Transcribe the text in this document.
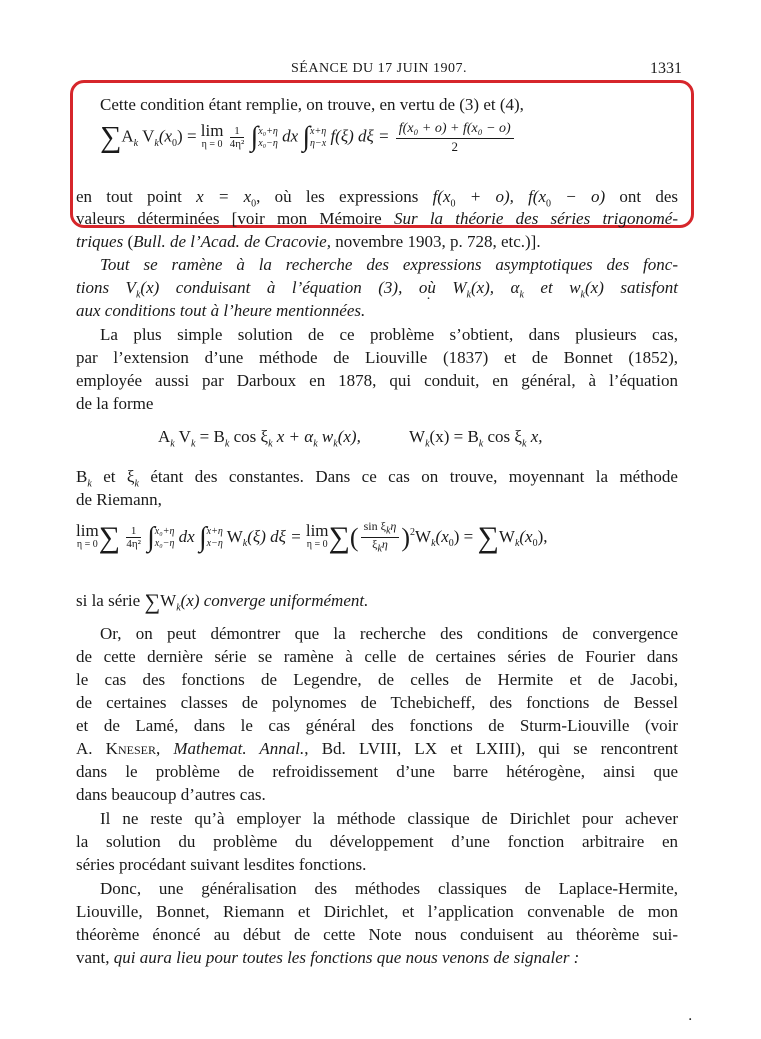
SÉANCE DU 17 JUIN 1907.	1331
Cette condition étant remplie, on trouve, en vertu de (3) et (4),
$\sum A_k$ $V_k(x_0) = \lim$
η = 0
$\frac{1}{\text{4η²}}$ ∫ x₀+η
x₀−η dx ∫ x+η
η−x f(ξ) $d\xi = \frac{\text{f(x₀ + o) + f(x₀ − o)}}{2}$
en tout point $x = x_0$, où les expressions $f(x_0 + o)$, $f(x_0 - o)$ ont des
valeurs déterminées [voir mon Mémoire Sur la théorie des séries trigonomé-
triques (Bull. de l’Acad. de Cracovie, novembre 1903, p. 728, etc.)].
Tout se ramène à la recherche des expressions asymptotiques des fonc-
tions $V_k(x)$ conduisant à l’équation (3), où $W_k(x)$, $\alpha_k$ et $w_k(x)$ satisfont
aux conditions tout à l’heure mentionnées.
La plus simple solution de ce problème s’obtient, dans plusieurs cas,
par l’extension d’une méthode de Liouville (1837) et de Bonnet (1852),
employée aussi par Darboux en 1878, qui conduit, en général, à l’équation
de la forme
$A_k$ $V_k = B_k$ $\cos \xi_k$ $x + \alpha_k$ $w_k(x)$,	$W_k(x) = B_k$ $\cos \xi_k$ x,
$B_k$ et $\xi_k$ étant des constantes. Dans ce cas on trouve, moyennant la méthode
de Riemann,
lim
η = 0 ∑ $\frac{1}{\text{4η²}}$ ∫ x₀+η
x₀−η dx ∫ x+η
x−η $W_k(\xi) d\xi = \lim$
η = 0 ∑( $\frac{\sin \xi_k\eta}{\xi_k\eta} )^2W_k(x_0) = \sum W_k(x_0)$,
si la série $\sum W_k(x)$ converge uniformément.
Or, on peut démontrer que la recherche des conditions de convergence
de cette dernière série se ramène à celle de certaines séries de Fourier dans
le cas des fonctions de Legendre, de celles de Hermite et de Jacobi,
de certaines classes de polynomes de Tchebicheff, des fonctions de Bessel
et de Lamé, dans le cas général des fonctions de Sturm-Liouville (voir
A. Kneser, Mathemat. Annal., Bd. LVIII, LX et LXIII), qui se rencontrent
dans le problème de refroidissement d’une barre hétérogène, ainsi que
dans beaucoup d’autres cas.
Il ne reste qu’à employer la méthode classique de Dirichlet pour achever
la solution du problème du développement d’une fonction arbitraire en
séries procédant suivant lesdites fonctions.
Donc, une généralisation des méthodes classiques de Laplace-Hermite,
Liouville, Bonnet, Riemann et Dirichlet, et l’application convenable de mon
théorème énoncé au début de cette Note nous conduisent au théorème sui-
vant, qui aura lieu pour toutes les fonctions que nous venons de signaler :
˙
·
